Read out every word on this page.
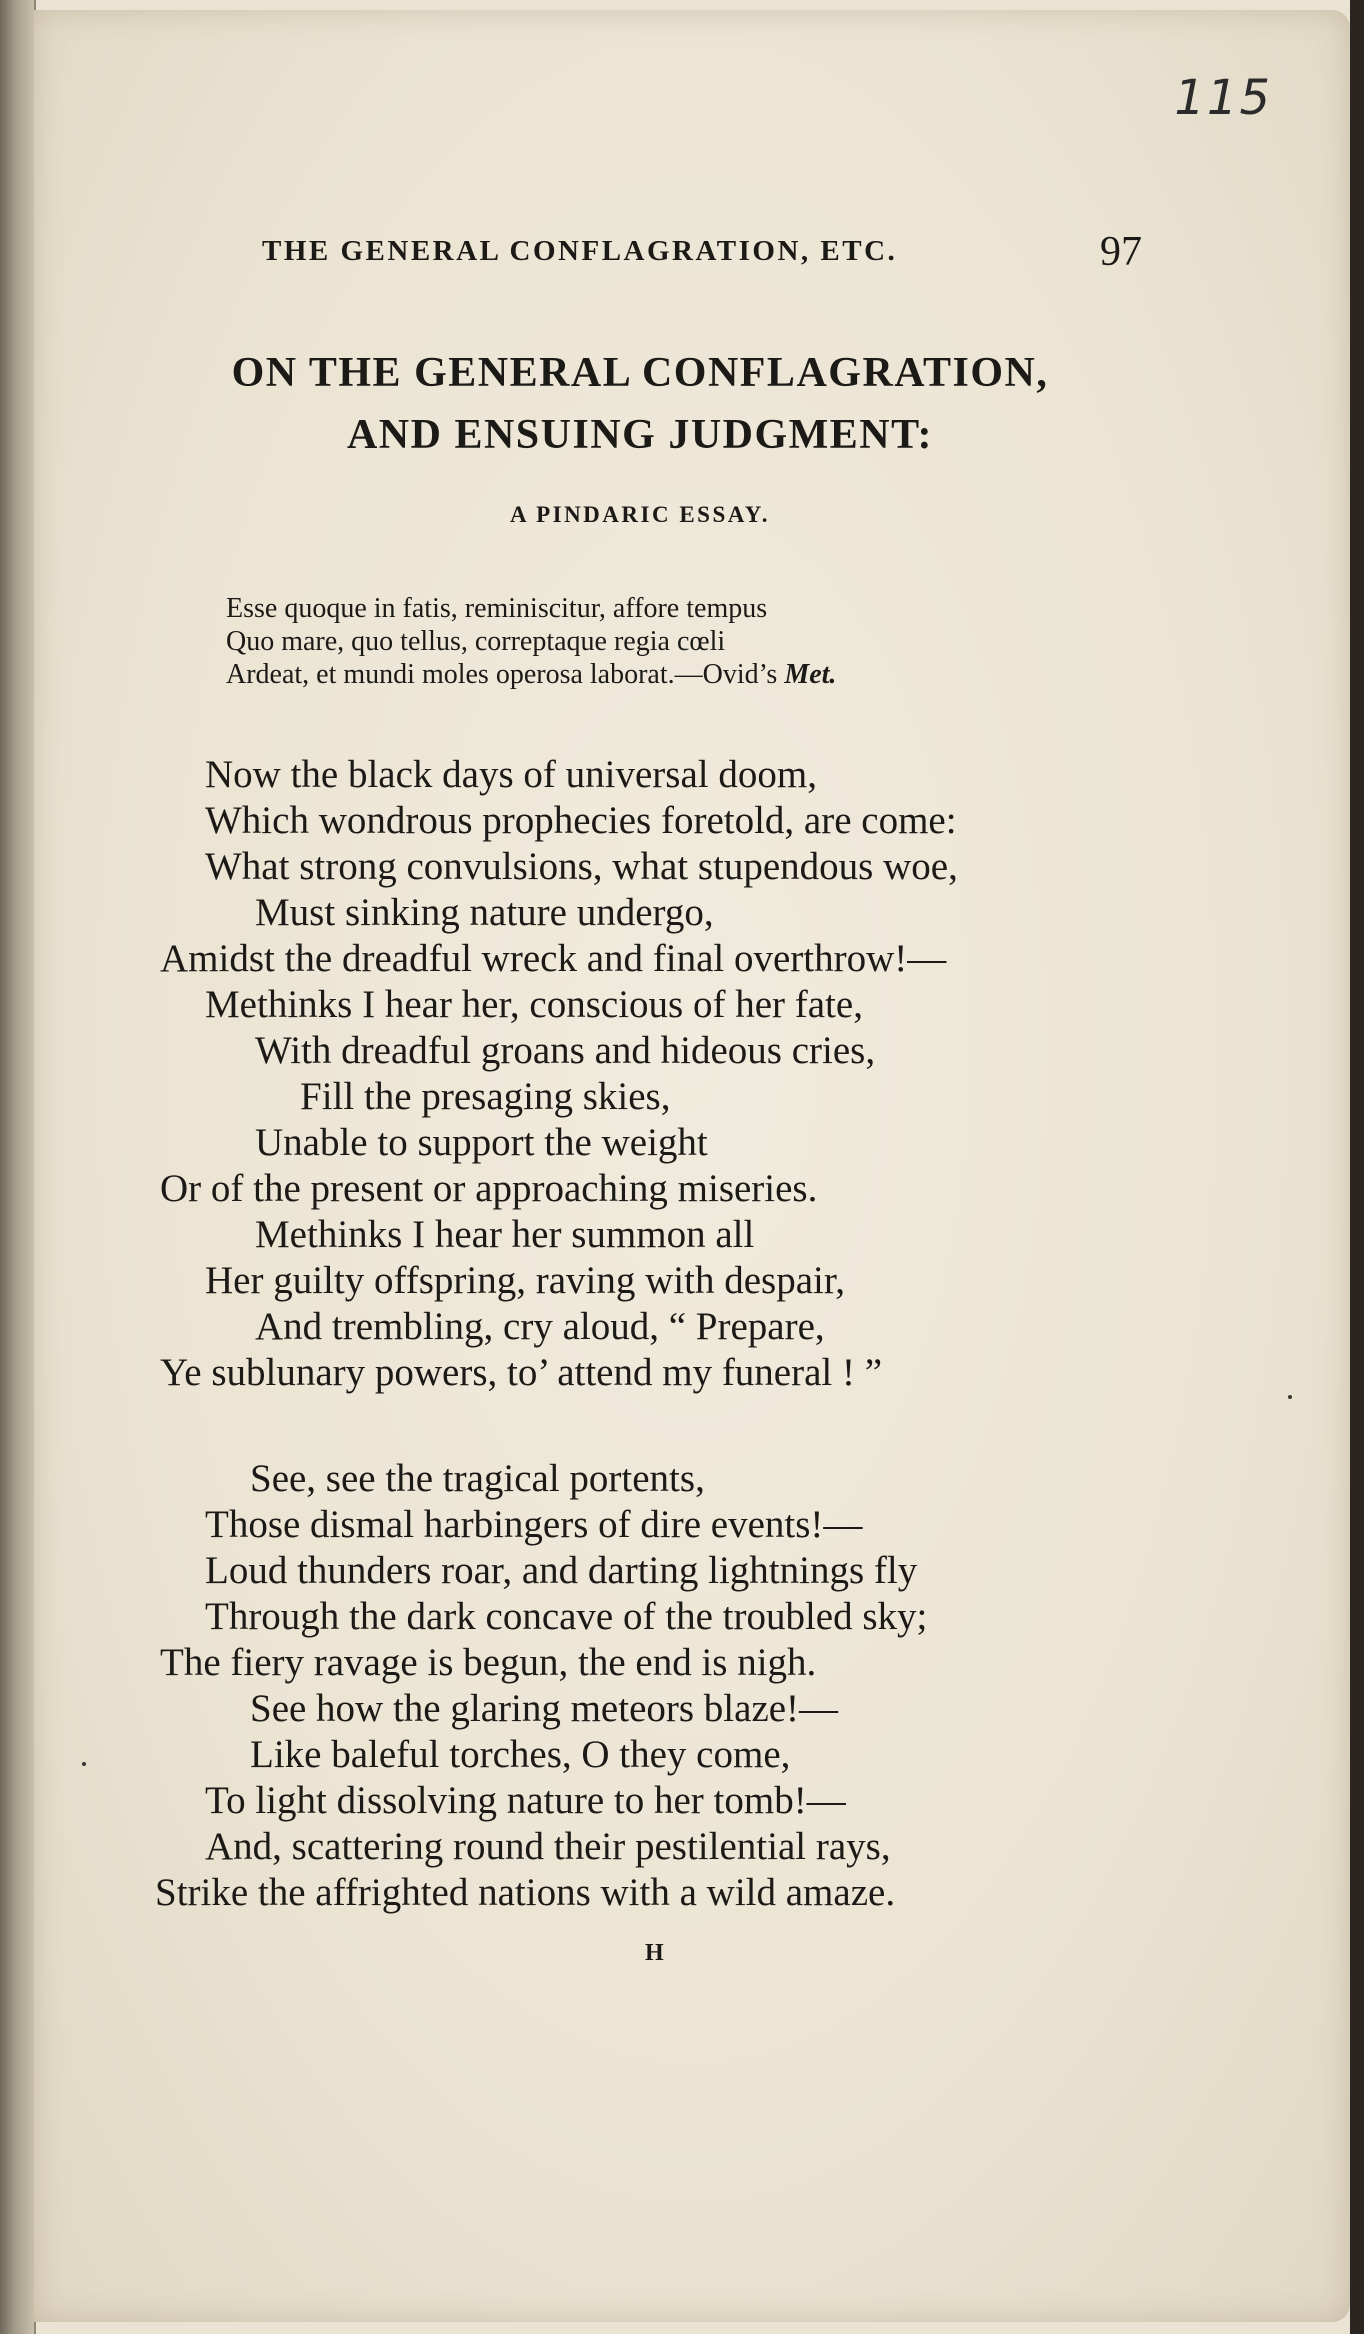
115
THE GENERAL CONFLAGRATION, ETC.	97
ON THE GENERAL CONFLAGRATION,
AND ENSUING JUDGMENT:
A PINDARIC ESSAY.
Esse quoque in fatis, reminiscitur, affore tempus
Quo mare, quo tellus, correptaque regia cœli
Ardeat, et mundi moles operosa laborat.—Ovid’s Met.
Now the black days of universal doom,
Which wondrous prophecies foretold, are come:
What strong convulsions, what stupendous woe,
Must sinking nature undergo,
Amidst the dreadful wreck and final overthrow!—
Methinks I hear her, conscious of her fate,
With dreadful groans and hideous cries,
Fill the presaging skies,
Unable to support the weight
Or of the present or approaching miseries.
Methinks I hear her summon all
Her guilty offspring, raving with despair,
And trembling, cry aloud, “ Prepare,
Ye sublunary powers, to’ attend my funeral ! ”
See, see the tragical portents,
Those dismal harbingers of dire events!—
Loud thunders roar, and darting lightnings fly
Through the dark concave of the troubled sky;
The fiery ravage is begun, the end is nigh.
See how the glaring meteors blaze!—
Like baleful torches, O they come,
To light dissolving nature to her tomb!—
And, scattering round their pestilential rays,
Strike the affrighted nations with a wild amaze.
H
